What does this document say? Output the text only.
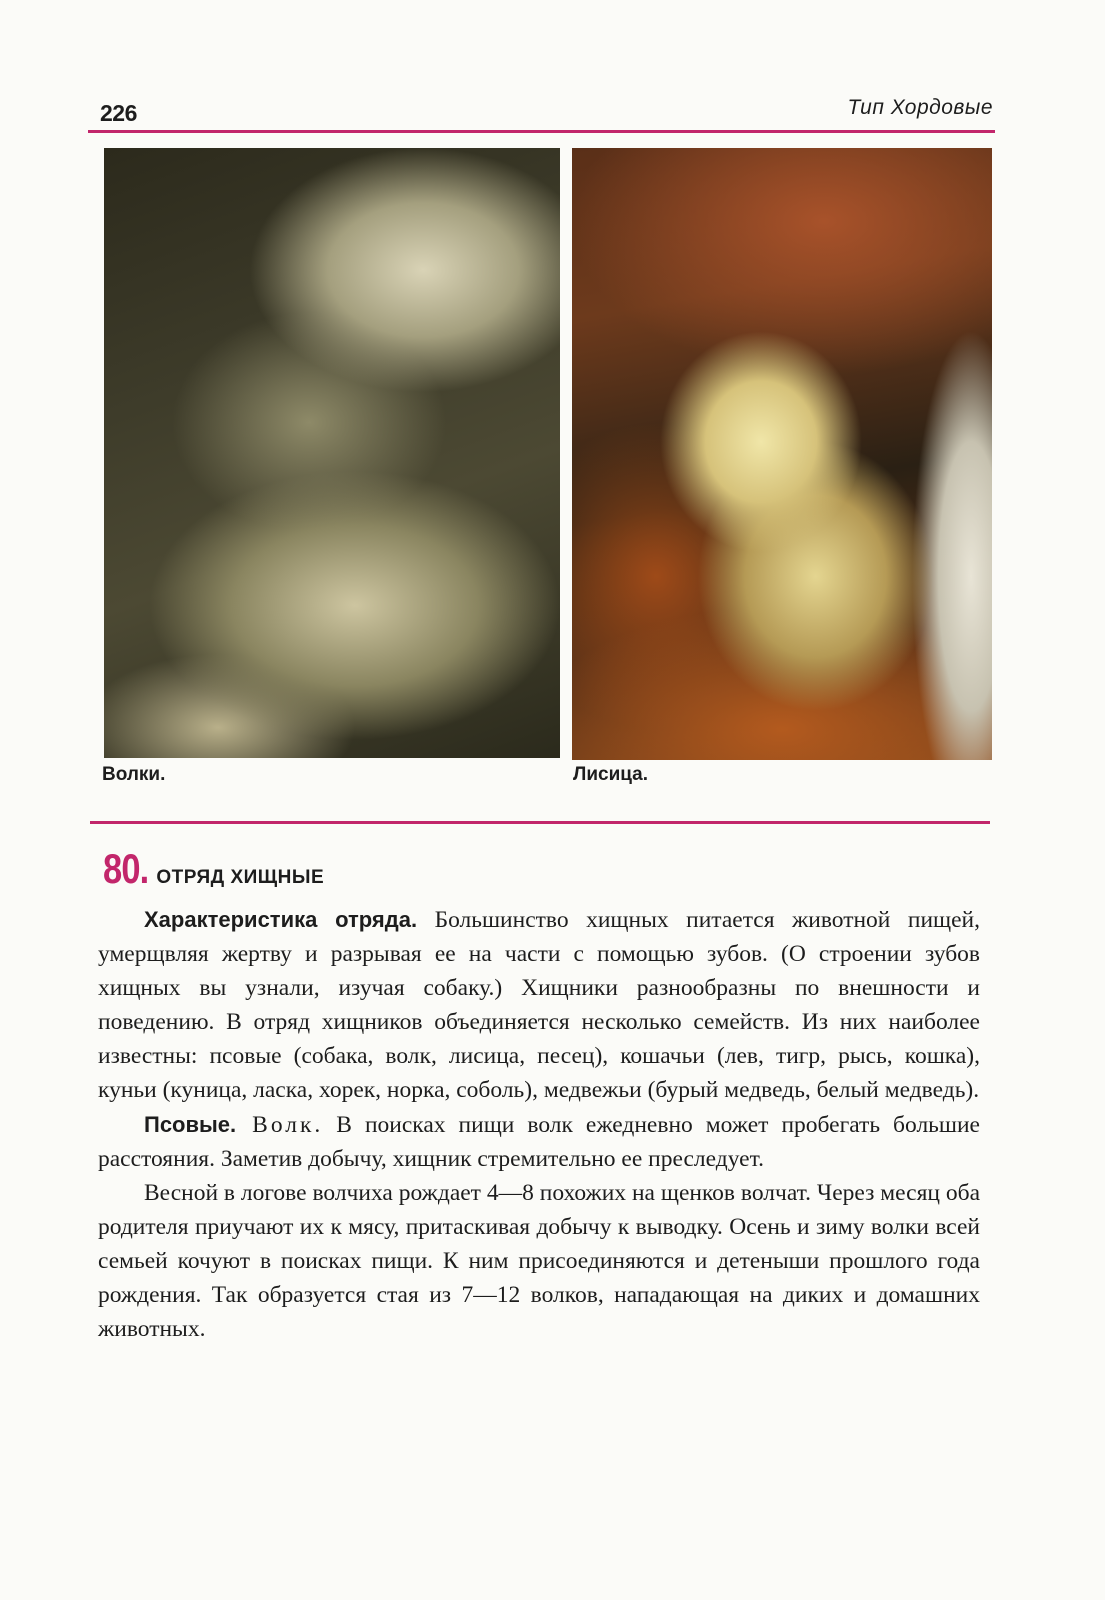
226	Тип Хордовые
Волки.	Лисица.
80. ОТРЯД ХИЩНЫЕ

Характеристика отряда. Большинство хищных питается животной пищей, умерщвляя жертву и разрывая ее на части с помощью зубов. (О строении зубов хищных вы узнали, изучая собаку.) Хищники разнообразны по внешности и поведению. В отряд хищников объединяется несколько семейств. Из них наиболее известны: псовые (собака, волк, лисица, песец), кошачьи (лев, тигр, рысь, кошка), куньи (куница, ласка, хорек, норка, соболь), медвежьи (бурый медведь, белый медведь).

Псовые. Волк. В поисках пищи волк ежедневно может пробегать большие расстояния. Заметив добычу, хищник стремительно ее преследует.

Весной в логове волчиха рождает 4—8 похожих на щенков волчат. Через месяц оба родителя приучают их к мясу, притаскивая добычу к выводку. Осень и зиму волки всей семьей кочуют в поисках пищи. К ним присоединяются и детеныши прошлого года рождения. Так образуется стая из 7—12 волков, нападающая на диких и домашних животных.
